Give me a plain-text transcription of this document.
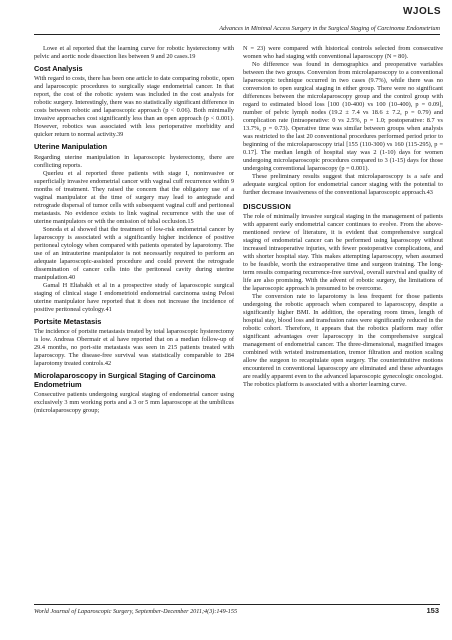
WJOLS
Advances in Minimal Access Surgery in the Surgical Staging of Carcinoma Endometrium

Lowe et al reported that the learning curve for robotic hysterectomy with pelvic and aortic node dissection lies between 9 and 20 cases.19

Cost Analysis

With regard to costs, there has been one article to date comparing robotic, open and laparoscopic procedures to surgically stage endometrial cancer. In that report, the cost of the robotic system was included in the cost analysis for robotic surgery. Interestingly, there was no statistically significant difference in costs between robotic and laparoscopic approach (p < 0.06). Both minimally invasive approaches cost significantly less than an open approach (p < 0.001). However, robotics was associated with less perioperative morbidity and quicker return to normal activity.39

Uterine Manipulation

Regarding uterine manipulation in laparoscopic hysterectomy, there are conflicting reports.

Querleu et al reported three patients with stage I, noninvasive or superficially invasive endometrial cancer with vaginal cuff recurrence within 9 months of treatment. They raised the concern that the obligatory use of a vaginal manipulator at the time of surgery may lead to antegrade and retrograde dispersal of tumor cells with subsequent vaginal cuff and peritoneal metastasis. No evidence exists to link vaginal recurrence with the use of uterine manipulators or with the omission of tubal occlusion.15

Sonoda et al showed that the treatment of low-risk endometrial cancer by laparoscopy is associated with a significantly higher incidence of positive peritoneal cytology when compared with patients operated by laparotomy. The use of an intrauterine manipulator is not necessarily required to perform an adequate laparoscopic-assisted procedure and could prevent the retrograde dissemination of cancer cells into the peritoneal cavity during uterine manipulation.40

Gamal H Eltabakh et al in a prospective study of laparoscopic surgical staging of clinical stage I endometrioid endometrial carcinoma using Pelosi uterine manipulator have reported that it does not increase the incidence of positive peritoneal cytology.41

Portsite Metastasis

The incidence of portsite metastasis treated by total laparoscopic hysterectomy is low. Andreas Obermair et al have reported that on a median follow-up of 29.4 months, no port-site metastasis was seen in 215 patients treated with laparoscopy. The disease-free survival was statistically comparable to 284 laparotomy treated controls.42

Microlaparoscopy in Surgical Staging of Carcinoma Endometrium

Consecutive patients undergoing surgical staging of endometrial cancer using exclusively 3 mm working ports and a 3 or 5 mm laparoscope at the umbilicus (microlaparoscopy group;

N = 23) were compared with historical controls selected from consecutive women who had staging with conventional laparoscopy (N = 80).

No difference was found in demographics and preoperative variables between the two groups. Conversion from microlaparoscopy to a conventional laparoscopic technique occurred in two cases (9.7%), while there was no conversion to open surgical staging in either group. There were no significant differences between the microlaparoscopy group and the control group with regard to estimated blood loss [100 (10-400) vs 100 (10-400), p = 0.09], number of pelvic lymph nodes (19.2 ± 7.4 vs 18.6 ± 7.2, p = 0.79) and complication rate (intraoperative: 0 vs 2.5%, p = 1.0; postoperative: 8.7 vs 13.7%, p = 0.73). Operative time was similar between groups when analysis was restricted to the last 20 conventional procedures performed period prior to beginning of the microlaparoscopy trial [155 (110-300) vs 160 (115-295), p = 0.17]. The median length of hospital stay was 2 (1-10) days for women undergoing microlaparoscopic procedures compared to 3 (1-15) days for those undergoing conventional laparoscopy (p = 0.001).

These preliminary results suggest that microlaparoscopy is a safe and adequate surgical option for endometrial cancer staging with the potential to further decrease invasiveness of the conventional laparoscopic approach.43

DISCUSSION

The role of minimally invasive surgical staging in the management of patients with apparent early endometrial cancer continues to evolve. From the above-mentioned review of literature, it is evident that comprehensive surgical staging of endometrial cancer can be performed using laparoscopy without increased intraoperative injuries, with fewer postoperative complications, and with shorter hospital stay. This makes attempting laparoscopy, when assumed to be feasible, worth the extraoperative time and surgeon training. The long-term results comparing recurrence-free survival, overall survival and quality of life are also promising. With the advent of robotic surgery, the limitations of the laparoscopic approach is presumed to be overcome.

The conversion rate to laparotomy is less frequent for those patients undergoing the robotic approach when compared to laparoscopy, despite a significantly higher BMI. In addition, the operating room times, length of hospital stay, blood loss and transfusion rates were significantly reduced in the robotic cohort. Therefore, it appears that the robotics platform may offer significant advantages over laparoscopy in the comprehensive surgical management of endometrial cancer. The three-dimensional, magnified images combined with wristed instrumentation, tremor filtration and motion scaling allow the surgeon to recapitulate open surgery. The counterintuitive motions encountered in conventional laparoscopy are eliminated and these advantages are readily apparent even to the advanced laparoscopic gynecologic oncologist. The robotics platform is associated with a shorter learning curve.

World Journal of Laparoscopic Surgery, September-December 2011;4(3):149-155	153
